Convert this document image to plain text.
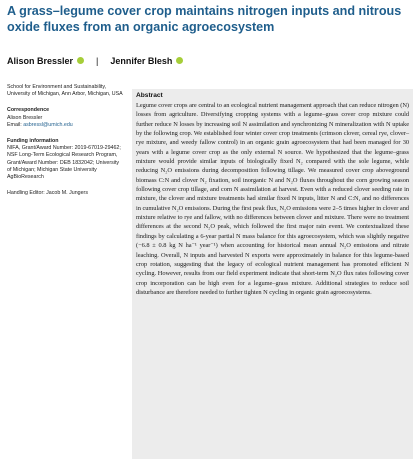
A grass–legume cover crop maintains nitrogen inputs and nitrous oxide fluxes from an organic agroecosystem
Alison Bressler	| Jennifer Blesh

School for Environment and Sustainability, University of Michigan, Ann Arbor, Michigan, USA

Correspondence
Alison Bressler
Email: asbressl@umich.edu

Funding information
NIFA, Grant/Award Number: 2019-67019-29462; NSF Long-Term Ecological Research Program, Grant/Award Number: DEB 1832042; University of Michigan; Michigan State University AgBioResearch

Handling Editor: Jacob M. Jungers

Abstract
Legume cover crops are central to an ecological nutrient management approach that can reduce nitrogen (N) losses from agriculture. Diversifying cropping systems with a legume–grass cover crop mixture could further reduce N losses by increasing soil N assimilation and synchronizing N mineralization with N uptake by the following crop. We established four winter cover crop treatments (crimson clover, cereal rye, clover–rye mixture, and weedy fallow control) in an organic grain agroecosystem that had been managed for 30 years with a legume cover crop as the only external N source. We hypothesized that the legume–grass mixture would provide similar inputs of biologically fixed N₂ compared with the sole legume, while reducing N₂O emissions during decomposition following tillage. We measured cover crop aboveground biomass C:N and clover N₂ fixation, soil inorganic N and N₂O fluxes throughout the corn growing season following cover crop tillage, and corn N assimilation at harvest. Even with a reduced clover seeding rate in mixture, the clover and mixture treatments had similar fixed N inputs, litter N and C:N, and no differences in cumulative N₂O emissions. During the first peak flux, N₂O emissions were 2–5 times higher in clover and mixture relative to rye and fallow, with no differences between clover and mixture. There were no treatment differences at the second N₂O peak, which followed the first major rain event. We contextualized these findings by calculating a 6-year partial N mass balance for this agroecosystem, which was slightly negative (−6.8 ± 0.8 kg N ha⁻¹ year⁻¹) when accounting for historical mean annual N₂O emissions and nitrate leaching. Overall, N inputs and harvested N exports were approximately in balance for this legume-based crop rotation, suggesting that the legacy of ecological nutrient management has promoted efficient N cycling. However, results from our field experiment indicate that short-term N₂O flux rates following cover crop incorporation can be high even for a legume–grass mixture. Additional strategies to reduce soil disturbance are therefore needed to further tighten N cycling in organic grain agroecosystems.
